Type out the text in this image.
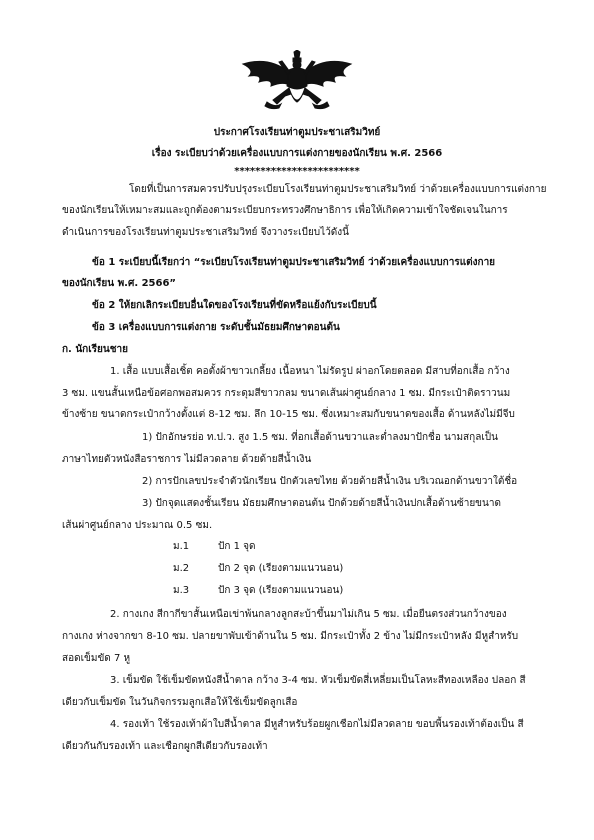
ประกาศโรงเรียนท่าตูมประชาเสริมวิทย์
เรื่อง ระเบียบว่าด้วยเครื่องแบบการแต่งกายของนักเรียน พ.ศ. 2566
************************
โดยที่เป็นการสมควรปรับปรุงระเบียบโรงเรียนท่าตูมประชาเสริมวิทย์ ว่าด้วยเครื่องแบบการแต่งกาย
ของนักเรียนให้เหมาะสมและถูกต้องตามระเบียบกระทรวงศึกษาธิการ เพื่อให้เกิดความเข้าใจชัดเจนในการ
ดำเนินการของโรงเรียนท่าตูมประชาเสริมวิทย์ จึงวางระเบียบไว้ดังนี้
ข้อ 1 ระเบียบนี้เรียกว่า “ระเบียบโรงเรียนท่าตูมประชาเสริมวิทย์ ว่าด้วยเครื่องแบบการแต่งกาย
ของนักเรียน พ.ศ. 2566”
ข้อ 2 ให้ยกเลิกระเบียบอื่นใดของโรงเรียนที่ขัดหรือแย้งกับระเบียบนี้
ข้อ 3 เครื่องแบบการแต่งกาย ระดับชั้นมัธยมศึกษาตอนต้น
ก. นักเรียนชาย
1. เสื้อ แบบเสื้อเชิ้ต คอตั้งผ้าขาวเกลี้ยง เนื้อหนา ไม่รัดรูป ผ่าอกโดยตลอด มีสาบที่อกเสื้อ กว้าง
3 ซม. แขนสั้นเหนือข้อศอกพอสมควร กระดุมสีขาวกลม ขนาดเส้นผ่าศูนย์กลาง 1 ซม. มีกระเป๋าติดราวนม
ข้างซ้าย ขนาดกระเป๋ากว้างตั้งแต่ 8-12 ซม. ลึก 10-15 ซม. ซึ่งเหมาะสมกับขนาดของเสื้อ ด้านหลังไม่มีจีบ
1) ปักอักษรย่อ ท.ป.ว. สูง 1.5 ซม. ที่อกเสื้อด้านขวาและต่ำลงมาปักชื่อ นามสกุลเป็น
ภาษาไทยตัวหนังสือราชการ ไม่มีลวดลาย ด้วยด้ายสีน้ำเงิน
2) การปักเลขประจำตัวนักเรียน ปักตัวเลขไทย ด้วยด้ายสีน้ำเงิน บริเวณอกด้านขวาใต้ชื่อ
3) ปักจุดแสดงชั้นเรียน มัธยมศึกษาตอนต้น ปักด้วยด้ายสีน้ำเงินปกเสื้อด้านซ้ายขนาด
เส้นผ่าศูนย์กลาง ประมาณ 0.5 ซม.
ม.1	ปัก 1 จุด
ม.2	ปัก 2 จุด (เรียงตามแนวนอน)
ม.3	ปัก 3 จุด (เรียงตามแนวนอน)
2. กางเกง สีกากีขาสั้นเหนือเข่าพ้นกลางลูกสะบ้าขึ้นมาไม่เกิน 5 ซม. เมื่อยืนตรงส่วนกว้างของ
กางเกง ห่างจากขา 8-10 ซม. ปลายขาพับเข้าด้านใน 5 ซม. มีกระเป๋าทั้ง 2 ข้าง ไม่มีกระเป๋าหลัง มีหูสำหรับ
สอดเข็มขัด 7 หู
3. เข็มขัด ใช้เข็มขัดหนังสีน้ำตาล กว้าง 3-4 ซม. หัวเข็มขัดสี่เหลี่ยมเป็นโลหะสีทองเหลือง ปลอก สี
เดียวกับเข็มขัด ในวันกิจกรรมลูกเสือให้ใช้เข็มขัดลูกเสือ
4. รองเท้า ใช้รองเท้าผ้าใบสีน้ำตาล มีหูสำหรับร้อยผูกเชือกไม่มีลวดลาย ขอบพื้นรองเท้าต้องเป็น สี
เดียวกันกับรองเท้า และเชือกผูกสีเดียวกับรองเท้า
